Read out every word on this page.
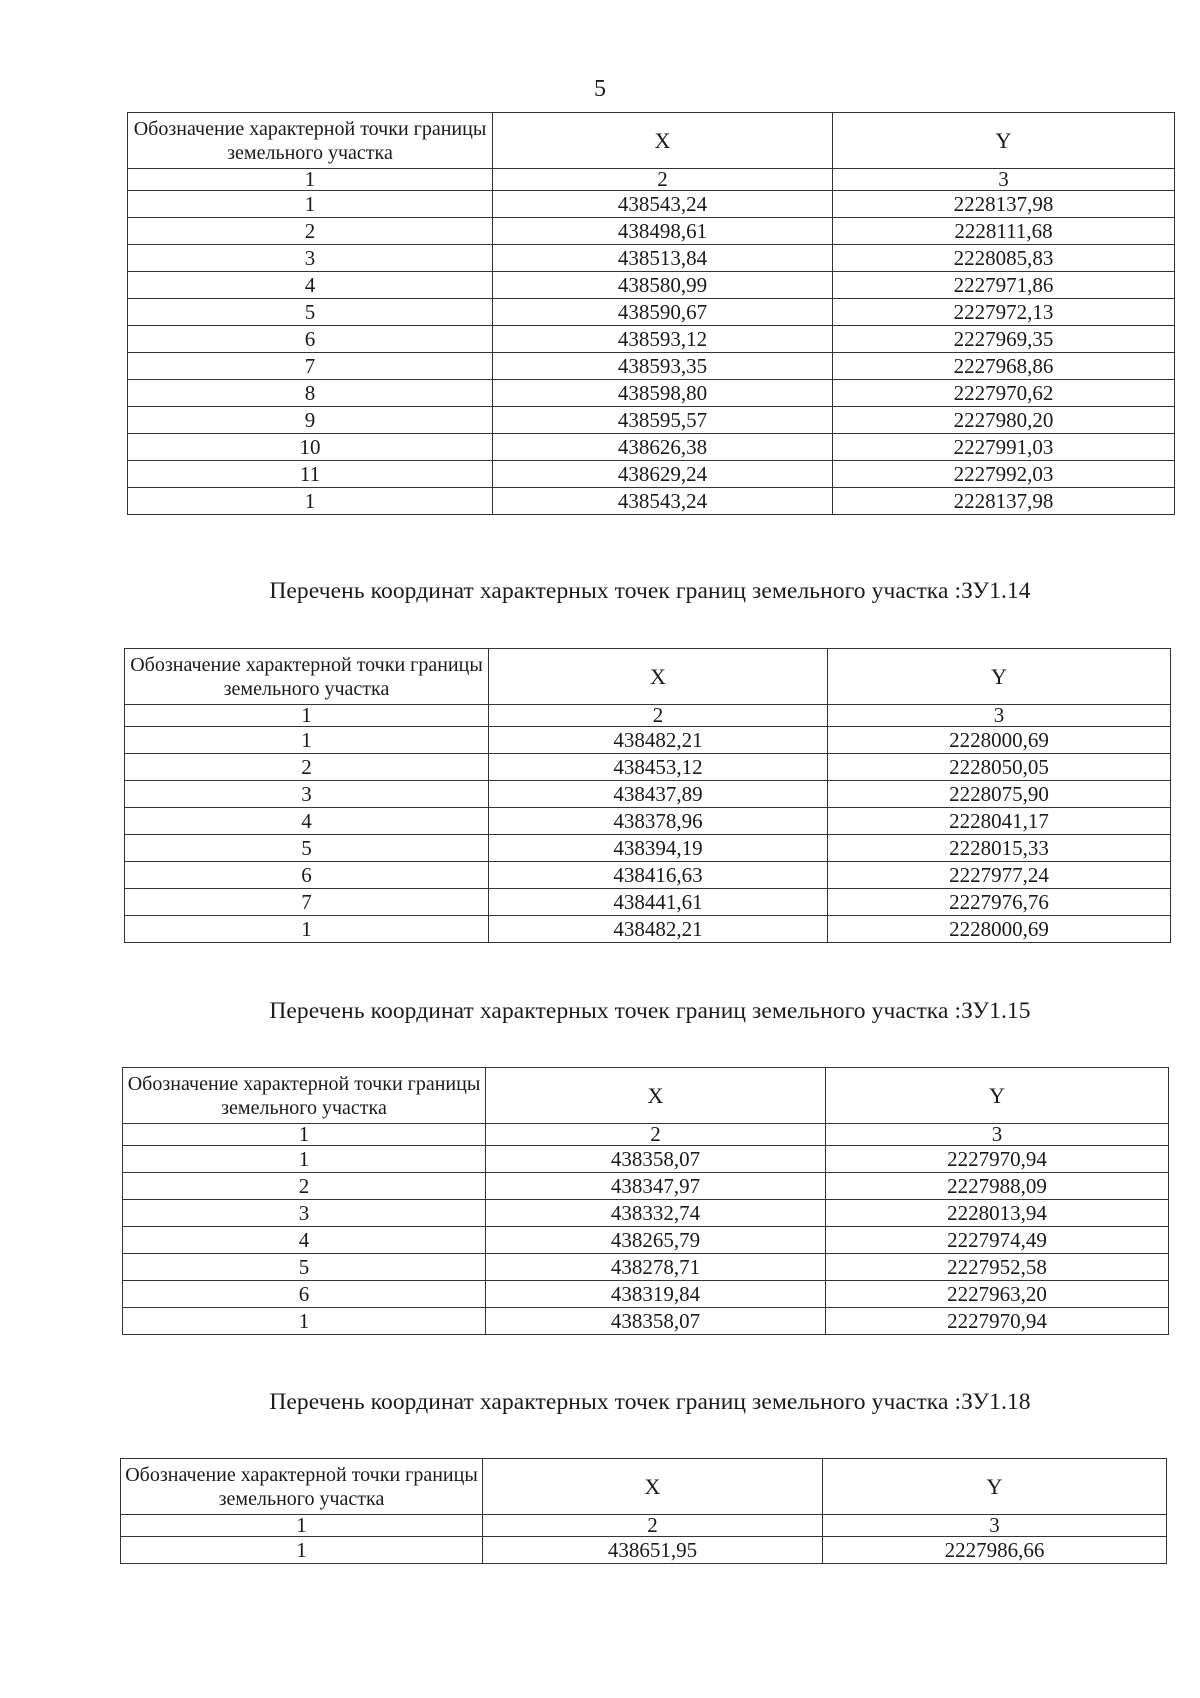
5
Обозначение характерной точки границы земельного участка	X	Y
1	2	3
1	438543,24	2228137,98
2	438498,61	2228111,68
3	438513,84	2228085,83
4	438580,99	2227971,86
5	438590,67	2227972,13
6	438593,12	2227969,35
7	438593,35	2227968,86
8	438598,80	2227970,62
9	438595,57	2227980,20
10	438626,38	2227991,03
11	438629,24	2227992,03
1	438543,24	2228137,98
Перечень координат характерных точек границ земельного участка :ЗУ1.14
Обозначение характерной точки границы земельного участка	X	Y
1	2	3
1	438482,21	2228000,69
2	438453,12	2228050,05
3	438437,89	2228075,90
4	438378,96	2228041,17
5	438394,19	2228015,33
6	438416,63	2227977,24
7	438441,61	2227976,76
1	438482,21	2228000,69
Перечень координат характерных точек границ земельного участка :ЗУ1.15
Обозначение характерной точки границы земельного участка	X	Y
1	2	3
1	438358,07	2227970,94
2	438347,97	2227988,09
3	438332,74	2228013,94
4	438265,79	2227974,49
5	438278,71	2227952,58
6	438319,84	2227963,20
1	438358,07	2227970,94
Перечень координат характерных точек границ земельного участка :ЗУ1.18
Обозначение характерной точки границы земельного участка	X	Y
1	2	3
1	438651,95	2227986,66
